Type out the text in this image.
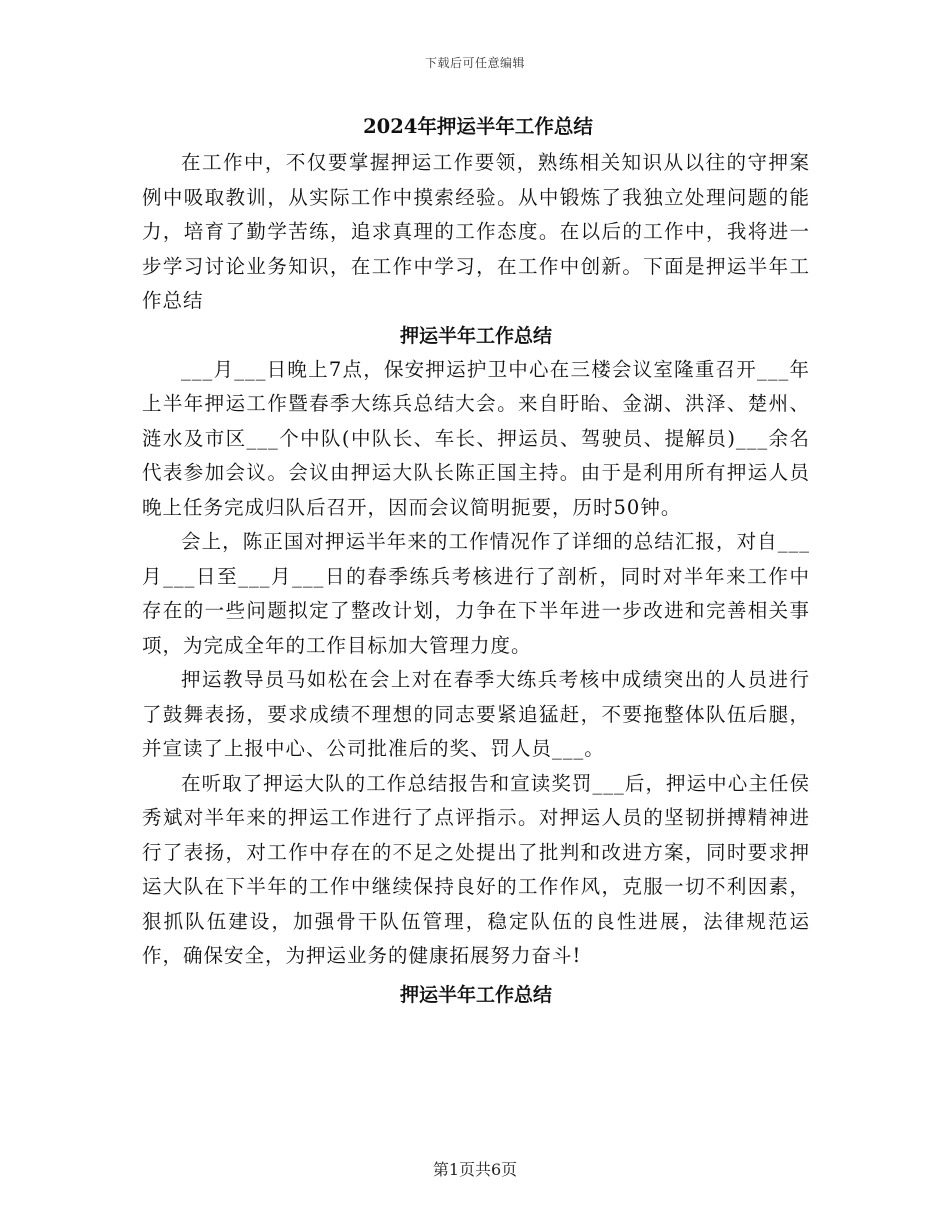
下载后可任意编辑
2024年押运半年工作总结

在工作中，不仅要掌握押运工作要领，熟练相关知识从以往的守押案例中吸取教训，从实际工作中摸索经验。从中锻炼了我独立处理问题的能力，培育了勤学苦练，追求真理的工作态度。在以后的工作中，我将进一步学习讨论业务知识，在工作中学习，在工作中创新。下面是押运半年工作总结

押运半年工作总结

___月___日晚上7点，保安押运护卫中心在三楼会议室隆重召开___年上半年押运工作暨春季大练兵总结大会。来自盱眙、金湖、洪泽、楚州、涟水及市区___个中队(中队长、车长、押运员、驾驶员、提解员)___余名代表参加会议。会议由押运大队长陈正国主持。由于是利用所有押运人员晚上任务完成归队后召开，因而会议简明扼要，历时50钟。

会上，陈正国对押运半年来的工作情况作了详细的总结汇报，对自___月___日至___月___日的春季练兵考核进行了剖析，同时对半年来工作中存在的一些问题拟定了整改计划，力争在下半年进一步改进和完善相关事项，为完成全年的工作目标加大管理力度。

押运教导员马如松在会上对在春季大练兵考核中成绩突出的人员进行了鼓舞表扬，要求成绩不理想的同志要紧追猛赶，不要拖整体队伍后腿，并宣读了上报中心、公司批准后的奖、罚人员___。

在听取了押运大队的工作总结报告和宣读奖罚___后，押运中心主任侯秀斌对半年来的押运工作进行了点评指示。对押运人员的坚韧拼搏精神进行了表扬，对工作中存在的不足之处提出了批判和改进方案，同时要求押运大队在下半年的工作中继续保持良好的工作作风，克服一切不利因素，狠抓队伍建设，加强骨干队伍管理，稳定队伍的良性进展，法律规范运作，确保安全，为押运业务的健康拓展努力奋斗!

押运半年工作总结
第1页共6页
